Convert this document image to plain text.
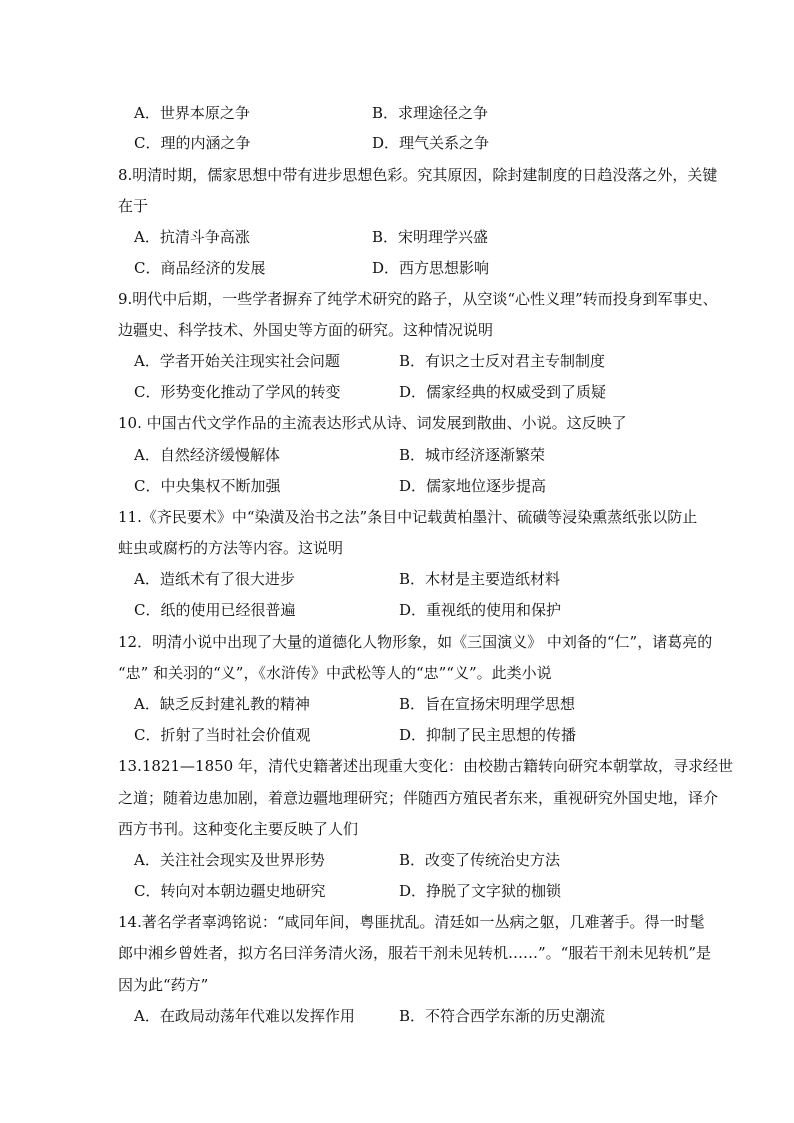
A．世界本原之争	B．求理途径之争
C．理的内涵之争	D．理气关系之争
8.明清时期，儒家思想中带有进步思想色彩。究其原因，除封建制度的日趋没落之外，关键
在于
A．抗清斗争高涨	B．宋明理学兴盛
C．商品经济的发展	D．西方思想影响
9.明代中后期，一些学者摒弃了纯学术研究的路子，从空谈“心性义理”转而投身到军事史、
边疆史、科学技术、外国史等方面的研究。这种情况说明
A．学者开始关注现实社会问题	B．有识之士反对君主专制制度
C．形势变化推动了学风的转变	D．儒家经典的权威受到了质疑
10. 中国古代文学作品的主流表达形式从诗、词发展到散曲、小说。这反映了
A．自然经济缓慢解体	B．城市经济逐渐繁荣
C．中央集权不断加强	D．儒家地位逐步提高
11.《齐民要术》中“染潢及治书之法”条目中记载黄柏墨汁、硫磺等浸染熏蒸纸张以防止
蛀虫或腐朽的方法等内容。这说明
A．造纸术有了很大进步	B．木材是主要造纸材料
C．纸的使用已经很普遍	D．重视纸的使用和保护
12．明清小说中出现了大量的道德化人物形象，如《三国演义》 中刘备的“仁”，诸葛亮的
“忠” 和关羽的“义”，《水浒传》中武松等人的“忠”“义”。此类小说
A．缺乏反封建礼教的精神	B．旨在宣扬宋明理学思想
C．折射了当时社会价值观	D．抑制了民主思想的传播
13.1821—1850 年，清代史籍著述出现重大变化：由校勘古籍转向研究本朝掌故，寻求经世
之道；随着边患加剧，着意边疆地理研究；伴随西方殖民者东来，重视研究外国史地，译介
西方书刊。这种变化主要反映了人们
A．关注社会现实及世界形势	B．改变了传统治史方法
C．转向对本朝边疆史地研究	D．挣脱了文字狱的枷锁
14.著名学者辜鸿铭说：“咸同年间，粤匪扰乱。清廷如一丛病之躯，几难著手。得一时髦
郎中湘乡曾姓者，拟方名曰洋务清火汤，服若干剂未见转机……”。“服若干剂未见转机”是
因为此“药方”
A．在政局动荡年代难以发挥作用	B．不符合西学东渐的历史潮流
